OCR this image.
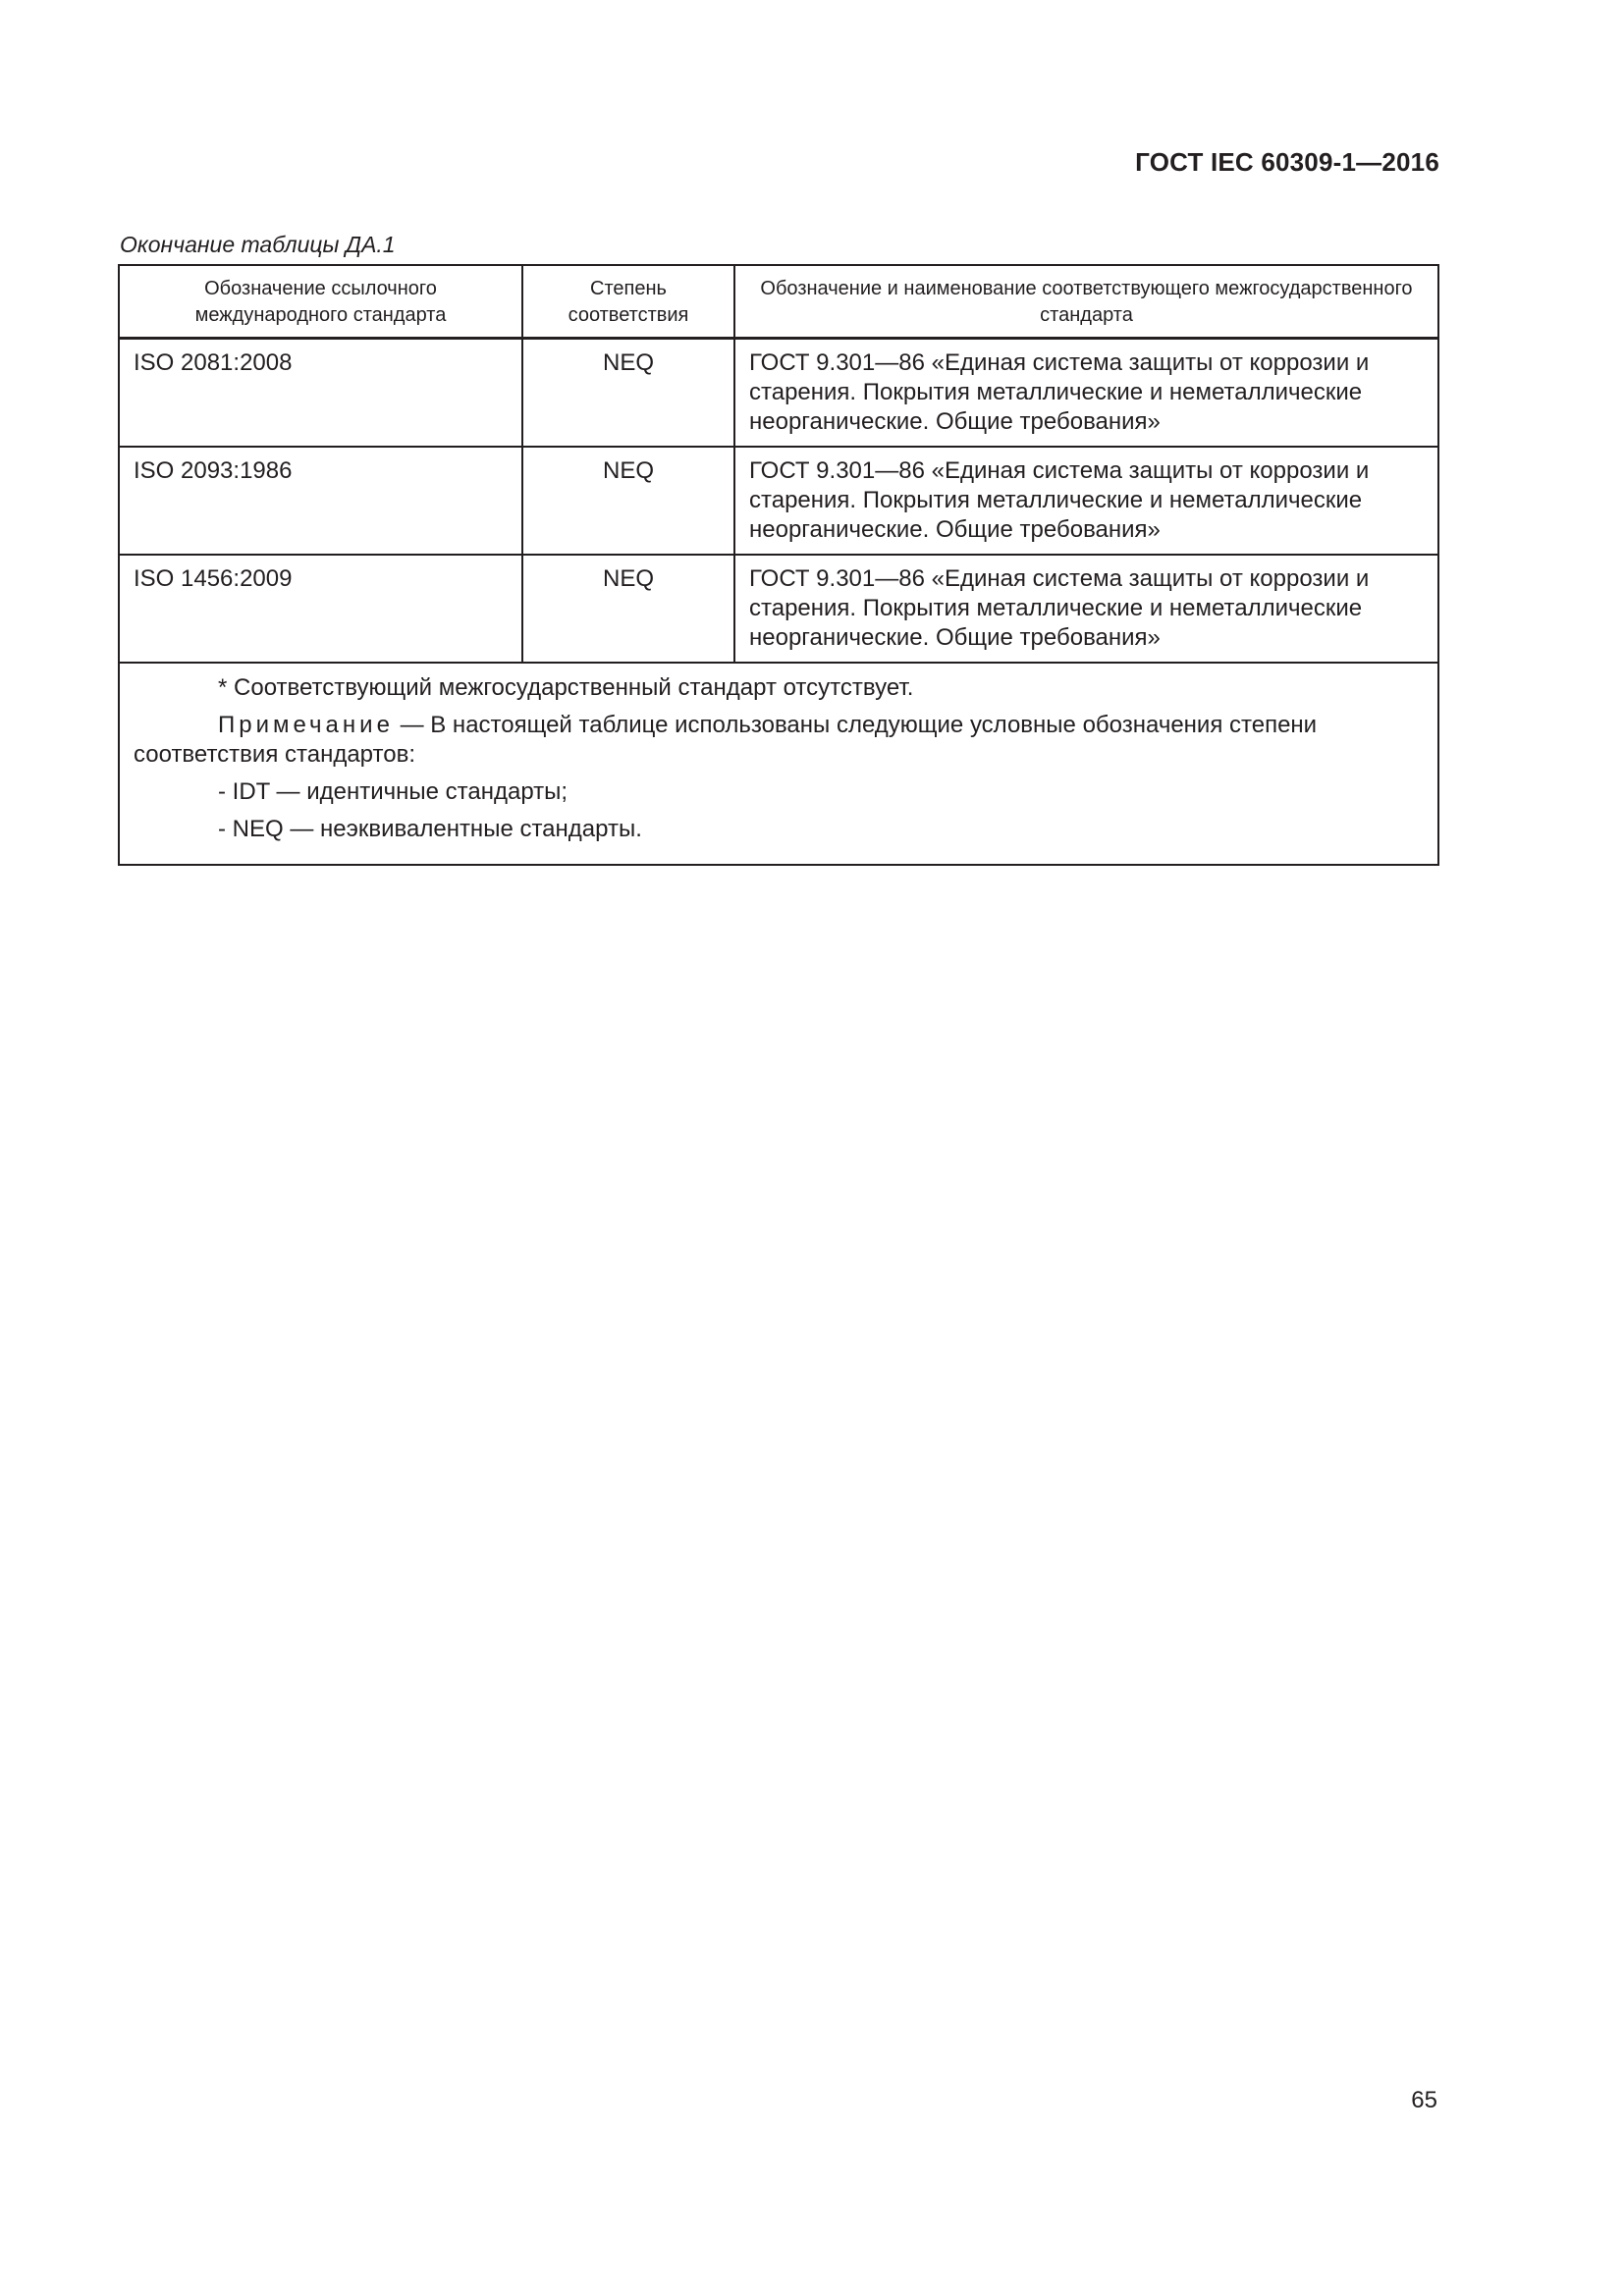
ГОСТ IEC 60309-1—2016
Окончание таблицы ДА.1
Обозначение ссылочного международного стандарта	Степень соответствия	Обозначение и наименование соответствующего межгосударственного стандарта
ISO 2081:2008	NEQ	ГОСТ 9.301—86 «Единая система защиты от коррозии и старения. Покрытия металлические и неметаллические неорганические. Общие требования»
ISO 2093:1986	NEQ	ГОСТ 9.301—86 «Единая система защиты от коррозии и старения. Покрытия металлические и неметаллические неорганические. Общие требования»
ISO 1456:2009	NEQ	ГОСТ 9.301—86 «Единая система защиты от коррозии и старения. Покрытия металлические и неметаллические неорганические. Общие требования»

* Соответствующий межгосударственный стандарт отсутствует.
Примечание — В настоящей таблице использованы следующие условные обозначения степени соответствия стандартов:
- IDT — идентичные стандарты;
- NEQ — неэквивалентные стандарты.		
65
